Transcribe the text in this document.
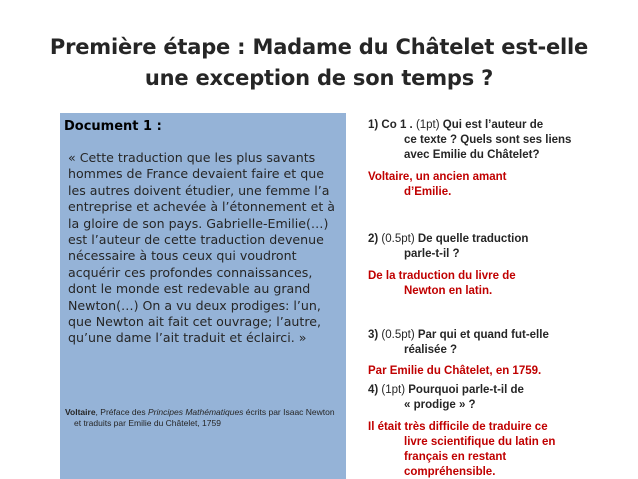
Première étape : Madame du Châtelet est-elle
une exception de son temps ?
Document 1 :
« Cette traduction que les plus savants hommes de France devaient faire et que les autres doivent étudier, une femme l’a entreprise et achevée à l’étonnement et à la gloire de son pays. Gabrielle-Emilie(…) est l’auteur de cette traduction devenue nécessaire à tous ceux qui voudront acquérir ces profondes connaissances, dont le monde est redevable au grand Newton(…) On a vu deux prodiges: l’un, que Newton ait fait cet ouvrage; l’autre, qu’une dame l’ait traduit et éclairci. »
Voltaire, Préface des Principes Mathématiques écrits par Isaac Newton et traduits par Emilie du Châtelet, 1759
1) Co 1 . (1pt) Qui est l’auteur de
ce texte ? Quels sont ses liens
avec Emilie du Châtelet?
Voltaire, un ancien amant
d’Emilie.
2) (0.5pt) De quelle traduction
parle-t-il ?
De la traduction du livre de
Newton en latin.
3) (0.5pt) Par qui et quand fut-elle
réalisée ?
Par Emilie du Châtelet, en 1759.
4) (1pt) Pourquoi parle-t-il de
« prodige » ?
Il était très difficile de traduire ce
livre scientifique du latin en
français en restant
compréhensible.
